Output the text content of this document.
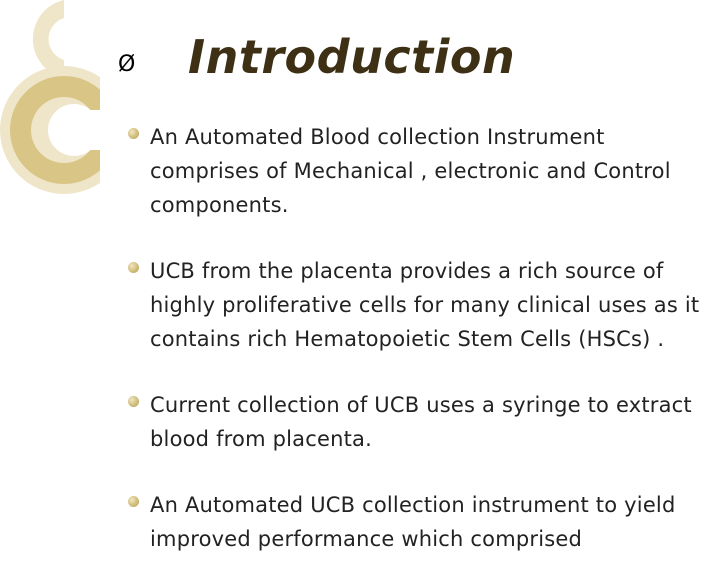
Ø Introduction
An Automated Blood collection Instrument comprises of Mechanical , electronic and Control components.
UCB from the placenta provides a rich source of highly proliferative cells for many clinical uses as it contains rich Hematopoietic Stem Cells (HSCs) .
Current collection of UCB uses a syringe to extract blood from placenta.
An Automated UCB collection instrument to yield improved performance which comprised
